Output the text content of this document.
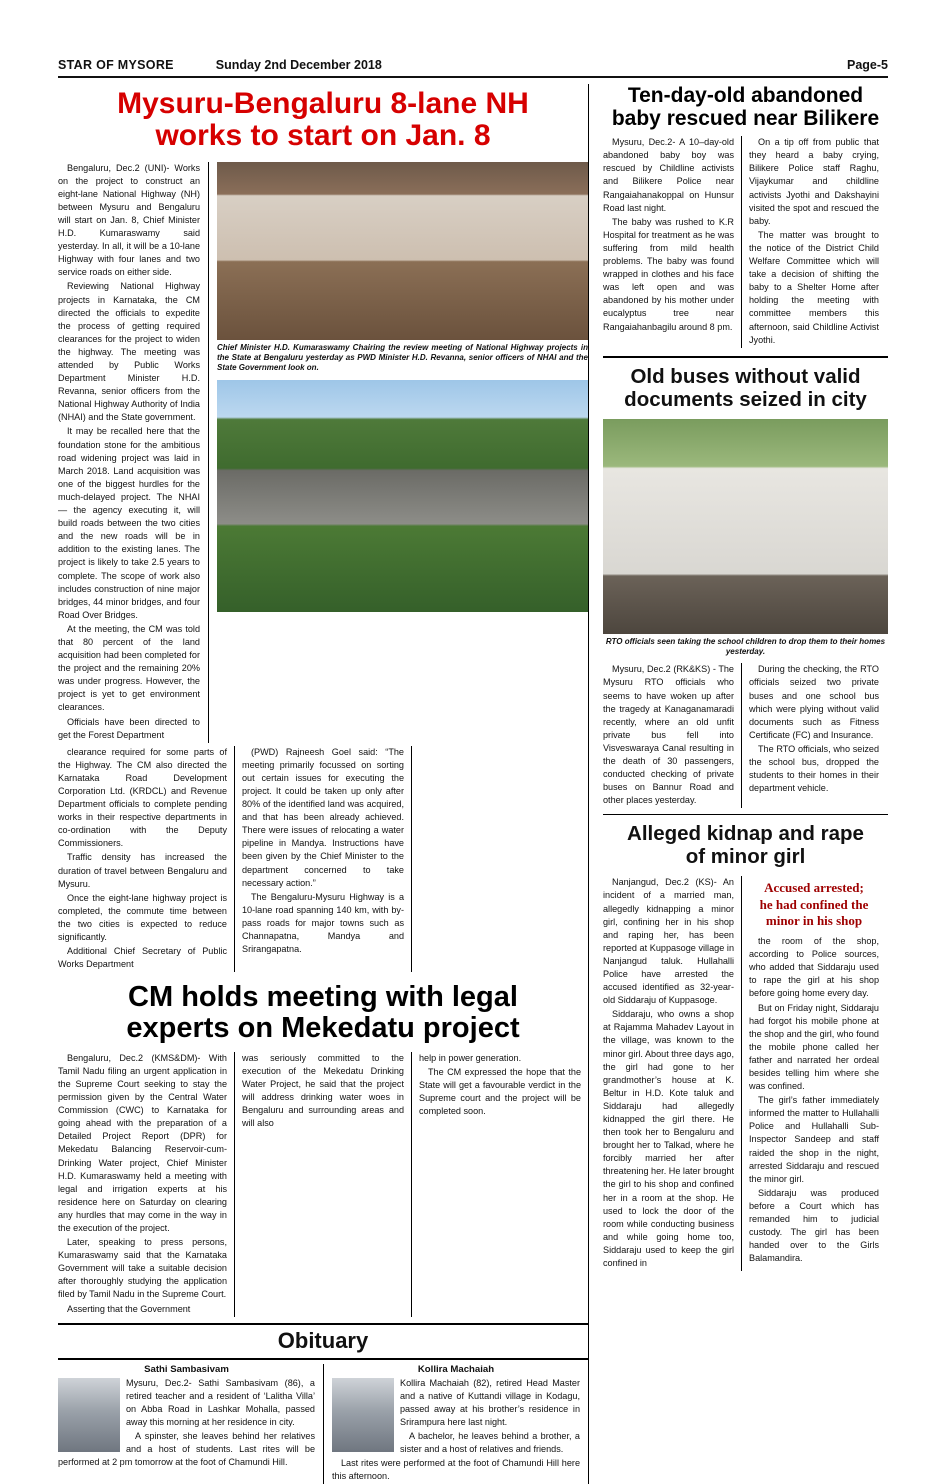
STAR OF MYSORE	Sunday 2nd December 2018	Page-5
Mysuru-Bengaluru 8-lane NH
works to start on Jan. 8

Bengaluru, Dec.2 (UNI)- Works on the project to construct an eight-lane National Highway (NH) between Mysuru and Bengaluru will start on Jan. 8, Chief Minister H.D. Kumaraswamy said yesterday. In all, it will be a 10-lane Highway with four lanes and two service roads on either side.

Reviewing National Highway projects in Karnataka, the CM directed the officials to expedite the process of getting required clearances for the project to widen the highway. The meeting was attended by Public Works Department Minister H.D. Revanna, senior officers from the National Highway Authority of India (NHAI) and the State government.

It may be recalled here that the foundation stone for the ambitious road widening project was laid in March 2018. Land acquisition was one of the biggest hurdles for the much-delayed project. The NHAI — the agency executing it, will build roads between the two cities and the new roads will be in addition to the existing lanes. The project is likely to take 2.5 years to complete. The scope of work also includes construction of nine major bridges, 44 minor bridges, and four Road Over Bridges.

At the meeting, the CM was told that 80 percent of the land acquisition had been completed for the project and the remaining 20% was under progress. However, the project is yet to get environment clearances.

Officials have been directed to get the Forest Department

Chief Minister H.D. Kumaraswamy Chairing the review meeting of National Highway projects in the State at Bengaluru yesterday as PWD Minister H.D. Revanna, senior officers of NHAI and the State Government look on.

clearance required for some parts of the Highway. The CM also directed the Karnataka Road Development Corporation Ltd. (KRDCL) and Revenue Department officials to complete pending works in their respective departments in co-ordination with the Deputy Commissioners.

Traffic density has increased the duration of travel between Bengaluru and Mysuru.

Once the eight-lane highway project is completed, the commute time between the two cities is expected to reduce significantly.

Additional Chief Secretary of Public Works Department

(PWD) Rajneesh Goel said: “The meeting primarily focussed on sorting out certain issues for executing the project. It could be taken up only after 80% of the identified land was acquired, and that has been already achieved. There were issues of relocating a water pipeline in Mandya. Instructions have been given by the Chief Minister to the department concerned to take necessary action.”

The Bengaluru-Mysuru Highway is a 10-lane road spanning 140 km, with by-pass roads for major towns such as Channapatna, Mandya and Srirangapatna.

CM holds meeting with legal
experts on Mekedatu project

Bengaluru, Dec.2 (KMS&DM)- With Tamil Nadu filing an urgent application in the Supreme Court seeking to stay the permission given by the Central Water Commission (CWC) to Karnataka for going ahead with the preparation of a Detailed Project Report (DPR) for Mekedatu Balancing Reservoir-cum-Drinking Water project, Chief Minister H.D. Kumaraswamy held a meeting with legal and irrigation experts at his residence here on Saturday on clearing any hurdles that may come in the way in the execution of the project.

Later, speaking to press persons, Kumaraswamy said that the Karnataka Government will take a suitable decision after thoroughly studying the application filed by Tamil Nadu in the Supreme Court.

Asserting that the Government

was seriously committed to the execution of the Mekedatu Drinking Water Project, he said that the project will address drinking water woes in Bengaluru and surrounding areas and will also

help in power generation.

The CM expressed the hope that the State will get a favourable verdict in the Supreme court and the project will be completed soon.

Obituary
Sathi Sambasivam

Mysuru, Dec.2- Sathi Sambasivam (86), a retired teacher and a resident of ‘Lalitha Villa’ on Abba Road in Lashkar Mohalla, passed away this morning at her residence in city.

A spinster, she leaves behind her relatives and a host of students. Last rites will be performed at 2 pm tomorrow at the foot of Chamundi Hill.

Kollira Machaiah

Kollira Machaiah (82), retired Head Master and a native of Kuttandi village in Kodagu, passed away at his brother’s residence in Srirampura here last night.

A bachelor, he leaves behind a brother, a sister and a host of relatives and friends.

Last rites were performed at the foot of Chamundi Hill here this afternoon.

Ten-day-old abandoned
baby rescued near Bilikere

Mysuru, Dec.2- A 10–day-old abandoned baby boy was rescued by Childline activists and Bilikere Police near Rangaiahanakoppal on Hunsur Road last night.

The baby was rushed to K.R Hospital for treatment as he was suffering from mild health problems. The baby was found wrapped in clothes and his face was left open and was abandoned by his mother under eucalyptus tree near Rangaiahanbagilu around 8 pm.

On a tip off from public that they heard a baby crying, Bilikere Police staff Raghu, Vijaykumar and childline activists Jyothi and Dakshayini visited the spot and rescued the baby.

The matter was brought to the notice of the District Child Welfare Committee which will take a decision of shifting the baby to a Shelter Home after holding the meeting with committee members this afternoon, said Childline Activist Jyothi.

Old buses without valid
documents seized in city
RTO officials seen taking the school children to drop them to their homes yesterday.

Mysuru, Dec.2 (RK&KS) - The Mysuru RTO officials who seems to have woken up after the tragedy at Kanaganamaradi recently, where an old unfit private bus fell into Visveswaraya Canal resulting in the death of 30 passengers, conducted checking of private buses on Bannur Road and other places yesterday.

During the checking, the RTO officials seized two private buses and one school bus which were plying without valid documents such as Fitness Certificate (FC) and Insurance.

The RTO officials, who seized the school bus, dropped the students to their homes in their department vehicle.

Alleged kidnap and rape
of minor girl

Nanjangud, Dec.2 (KS)- An incident of a married man, allegedly kidnapping a minor girl, confining her in his shop and raping her, has been reported at Kuppasoge village in Nanjangud taluk. Hullahalli Police have arrested the accused identified as 32-year-old Siddaraju of Kuppasoge.

Siddaraju, who owns a shop at Rajamma Mahadev Layout in the village, was known to the minor girl. About three days ago, the girl had gone to her grandmother’s house at K. Beltur in H.D. Kote taluk and Siddaraju had allegedly kidnapped the girl there. He then took her to Bengaluru and brought her to Talkad, where he forcibly married her after threatening her. He later brought the girl to his shop and confined her in a room at the shop. He used to lock the door of the room while conducting business and while going home too, Siddaraju used to keep the girl confined in

Accused arrested;
he had confined the
minor in his shop

the room of the shop, according to Police sources, who added that Siddaraju used to rape the girl at his shop before going home every day.

But on Friday night, Siddaraju had forgot his mobile phone at the shop and the girl, who found the mobile phone called her father and narrated her ordeal besides telling him where she was confined.

The girl’s father immediately informed the matter to Hullahalli Police and Hullahalli Sub-Inspector Sandeep and staff raided the shop in the night, arrested Siddaraju and rescued the minor girl.

Siddaraju was produced before a Court which has remanded him to judicial custody. The girl has been handed over to the Girls Balamandira.
